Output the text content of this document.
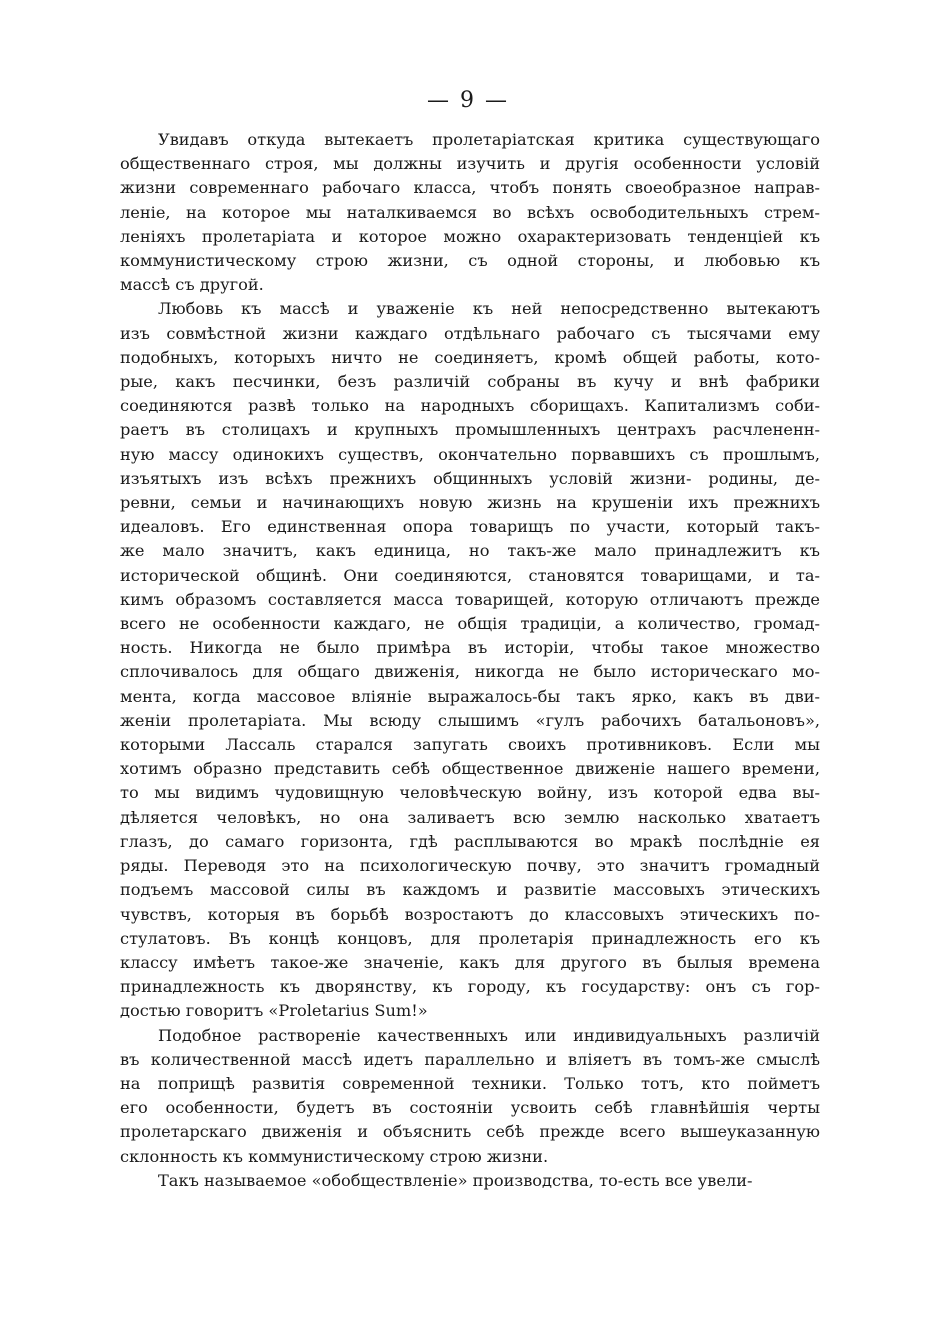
— 9 —
Увидавъ откуда вытекаетъ пролетаріатская критика существующаго
общественнаго строя, мы должны изучить и другія особенности условій
жизни современнаго рабочаго класса, чтобъ понять своеобразное направ-
леніе, на которое мы наталкиваемся во всѣхъ освободительныхъ стрем-
леніяхъ пролетаріата и которое можно охарактеризовать тенденціей къ
коммунистическому строю жизни, съ одной стороны, и любовью къ
массѣ съ другой.
Любовь къ массѣ и уваженіе къ ней непосредственно вытекаютъ
изъ совмѣстной жизни каждаго отдѣльнаго рабочаго съ тысячами ему
подобныхъ, которыхъ ничто не соединяетъ, кромѣ общей работы, кото-
рые, какъ песчинки, безъ различій собраны въ кучу и внѣ фабрики
соединяются развѣ только на народныхъ сборищахъ. Капитализмъ соби-
раетъ въ столицахъ и крупныхъ промышленныхъ центрахъ расчлененн-
ную массу одинокихъ существъ, окончательно порвавшихъ съ прошлымъ,
изъятыхъ изъ всѣхъ прежнихъ общинныхъ условій жизни- родины, де-
ревни, семьи и начинающихъ новую жизнь на крушеніи ихъ прежнихъ
идеаловъ. Его единственная опора товарищъ по участи, который такъ-
же мало значитъ, какъ единица, но такъ-же мало принадлежитъ къ
исторической общинѣ. Они соединяются, становятся товарищами, и та-
кимъ образомъ составляется масса товарищей, которую отличаютъ прежде
всего не особенности каждаго, не общія традиціи, а количество, громад-
ность. Никогда не было примѣра въ исторіи, чтобы такое множество
сплочивалось для общаго движенія, никогда не было историческаго мо-
мента, когда массовое вліяніе выражалось-бы такъ ярко, какъ въ дви-
женіи пролетаріата. Мы всюду слышимъ «гулъ рабочихъ батальоновъ»,
которыми Лассаль старался запугать своихъ противниковъ. Если мы
хотимъ образно представить себѣ общественное движеніе нашего времени,
то мы видимъ чудовищную человѣческую войну, изъ которой едва вы-
дѣляется человѣкъ, но она заливаетъ всю землю насколько хватаетъ
глазъ, до самаго горизонта, гдѣ расплываются во мракѣ послѣдніе ея
ряды. Переводя это на психологическую почву, это значитъ громадный
подъемъ массовой силы въ каждомъ и развитіе массовыхъ этическихъ
чувствъ, которыя въ борьбѣ возростаютъ до классовыхъ этическихъ по-
стулатовъ. Въ концѣ концовъ, для пролетарія принадлежность его къ
классу имѣетъ такое-же значеніе, какъ для другого въ былыя времена
принадлежность къ дворянству, къ городу, къ государству: онъ съ гор-
достью говоритъ «Proletarius Sum!»
Подобное раствореніе качественныхъ или индивидуальныхъ различій
въ количественной массѣ идетъ параллельно и вліяетъ въ томъ-же смыслѣ
на поприщѣ развитія современной техники. Только тотъ, кто пойметъ
его особенности, будетъ въ состояніи усвоить себѣ главнѣйшія черты
пролетарскаго движенія и объяснить себѣ прежде всего вышеуказанную
склонность къ коммунистическому строю жизни.
Такъ называемое «обобществленіе» производства, то-есть все увели-
